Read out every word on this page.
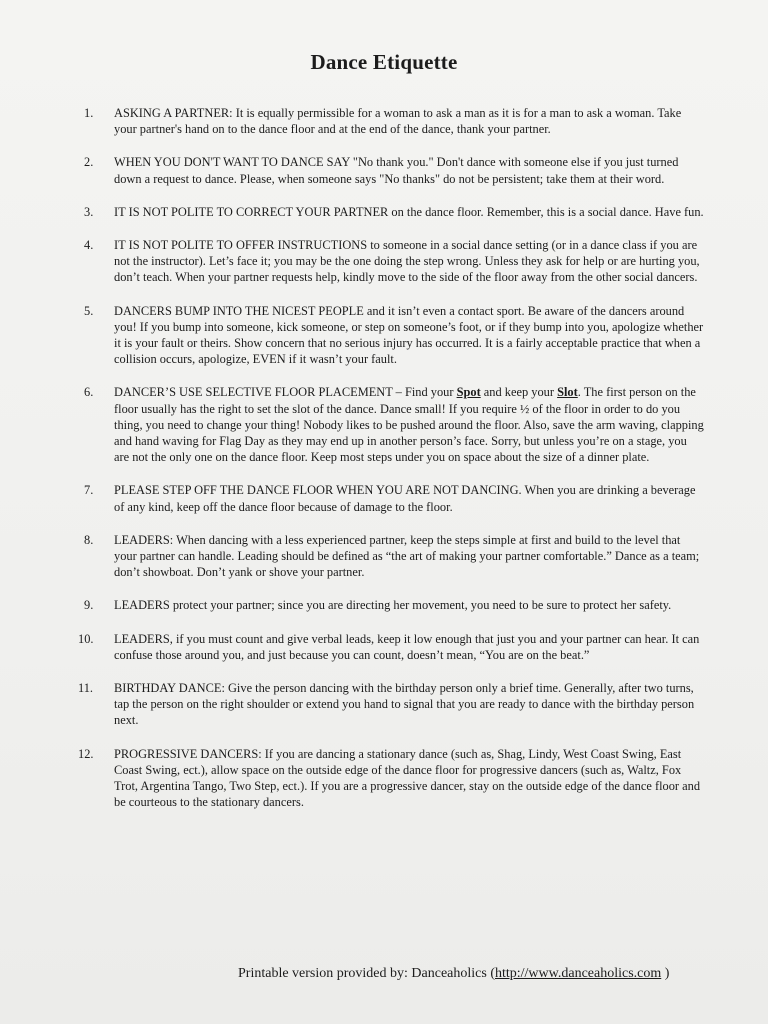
Dance Etiquette
1.	ASKING A PARTNER: It is equally permissible for a woman to ask a man as it is for a man to ask a woman. Take your partner's hand on to the dance floor and at the end of the dance, thank your partner.
2.	WHEN YOU DON'T WANT TO DANCE SAY "No thank you." Don't dance with someone else if you just turned down a request to dance. Please, when someone says "No thanks" do not be persistent; take them at their word.
3.	IT IS NOT POLITE TO CORRECT YOUR PARTNER on the dance floor. Remember, this is a social dance. Have fun.
4.	IT IS NOT POLITE TO OFFER INSTRUCTIONS to someone in a social dance setting (or in a dance class if you are not the instructor). Let’s face it; you may be the one doing the step wrong. Unless they ask for help or are hurting you, don’t teach. When your partner requests help, kindly move to the side of the floor away from the other social dancers.
5.	DANCERS BUMP INTO THE NICEST PEOPLE and it isn’t even a contact sport. Be aware of the dancers around you! If you bump into someone, kick someone, or step on someone’s foot, or if they bump into you, apologize whether it is your fault or theirs. Show concern that no serious injury has occurred. It is a fairly acceptable practice that when a collision occurs, apologize, EVEN if it wasn’t your fault.
6.	DANCER’S USE SELECTIVE FLOOR PLACEMENT – Find your Spot and keep your Slot. The first person on the floor usually has the right to set the slot of the dance. Dance small! If you require ½ of the floor in order to do you thing, you need to change your thing! Nobody likes to be pushed around the floor. Also, save the arm waving, clapping and hand waving for Flag Day as they may end up in another person’s face. Sorry, but unless you’re on a stage, you are not the only one on the dance floor. Keep most steps under you on space about the size of a dinner plate.
7.	PLEASE STEP OFF THE DANCE FLOOR WHEN YOU ARE NOT DANCING. When you are drinking a beverage of any kind, keep off the dance floor because of damage to the floor.
8.	LEADERS: When dancing with a less experienced partner, keep the steps simple at first and build to the level that your partner can handle. Leading should be defined as “the art of making your partner comfortable.” Dance as a team; don’t showboat. Don’t yank or shove your partner.
9.	LEADERS protect your partner; since you are directing her movement, you need to be sure to protect her safety.
10.	LEADERS, if you must count and give verbal leads, keep it low enough that just you and your partner can hear. It can confuse those around you, and just because you can count, doesn’t mean, “You are on the beat.”
11.	BIRTHDAY DANCE: Give the person dancing with the birthday person only a brief time. Generally, after two turns, tap the person on the right shoulder or extend you hand to signal that you are ready to dance with the birthday person next.
12.	PROGRESSIVE DANCERS: If you are dancing a stationary dance (such as, Shag, Lindy, West Coast Swing, East Coast Swing, ect.), allow space on the outside edge of the dance floor for progressive dancers (such as, Waltz, Fox Trot, Argentina Tango, Two Step, ect.). If you are a progressive dancer, stay on the outside edge of the dance floor and be courteous to the stationary dancers.
Printable version provided by: Danceaholics (http://www.danceaholics.com )
